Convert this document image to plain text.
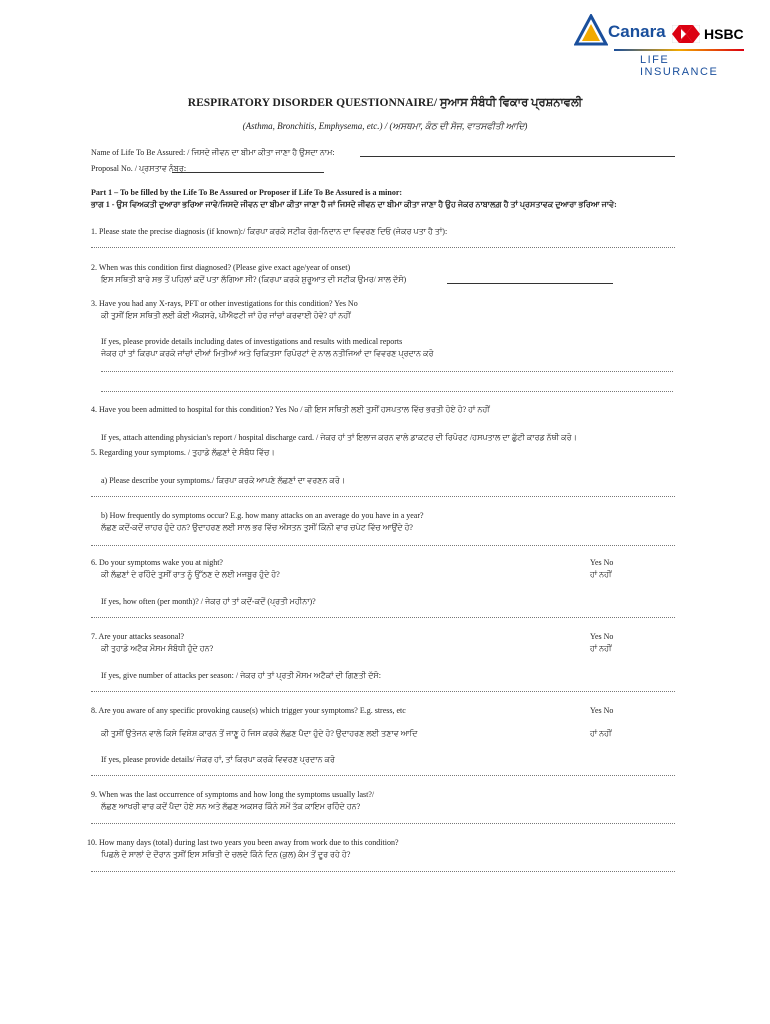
Canara	HSBC
LIFE INSURANCE
RESPIRATORY DISORDER QUESTIONNAIRE/ ਸੁਆਸ ਸੰਬੰਧੀ ਵਿਕਾਰ ਪ੍ਰਸ਼ਨਾਵਲੀ
(Asthma, Bronchitis, Emphysema, etc.) / (ਅਸਥਮਾ, ਕੰਠ ਦੀ ਸੋਜ, ਵਾਤਸਫੀਤੀ ਆਦਿ)
Name of Life To Be Assured: / ਜਿਸਦੇ ਜੀਵਨ ਦਾ ਬੀਮਾ ਕੀਤਾ ਜਾਣਾ ਹੈ ਉਸਦਾ ਨਾਮ:
Proposal No. / ਪ੍ਰਸਤਾਵ ਨੰਬਰ:
Part 1 – To be filled by the Life To Be Assured or Proposer if Life To Be Assured is a minor:
ਭਾਗ 1 - ਉਸ ਵਿਅਕਤੀ ਦੁਆਰਾ ਭਰਿਆ ਜਾਵੇ/ਜਿਸਦੇ ਜੀਵਨ ਦਾ ਬੀਮਾ ਕੀਤਾ ਜਾਣਾ ਹੈ ਜਾਂ ਜਿਸਦੇ ਜੀਵਨ ਦਾ ਬੀਮਾ ਕੀਤਾ ਜਾਣਾ ਹੈ ਉਹ ਜੇਕਰ ਨਾਬਾਲਗ਼ ਹੈ ਤਾਂ ਪ੍ਰਸਤਾਵਕ ਦੁਆਰਾ ਭਰਿਆ ਜਾਵੇ:
1. Please state the precise diagnosis (if known):/ ਕਿਰਪਾ ਕਰਕੇ ਸਟੀਕ ਰੋਗ-ਨਿਦਾਨ ਦਾ ਵਿਵਰਣ ਦਿਓ (ਜੇਕਰ ਪਤਾ ਹੈ ਤਾਂ):
2. When was this condition first diagnosed? (Please give exact age/year of onset)
ਇਸ ਸਥਿਤੀ ਬਾਰੇ ਸਭ ਤੋਂ ਪਹਿਲਾਂ ਕਦੋਂ ਪਤਾ ਲੱਗਿਆ ਸੀ? (ਕਿਰਪਾ ਕਰਕੇ ਸ਼ੁਰੂਆਤ ਦੀ ਸਟੀਕ ਉਮਰ/ ਸਾਲ ਦੱਸੋ)
3. Have you had any X-rays, PFT or other investigations for this condition? Yes No
ਕੀ ਤੁਸੀਂ ਇਸ ਸਥਿਤੀ ਲਈ ਕੋਈ ਐਕਸਰੇ, ਪੀਐਫਟੀ ਜਾਂ ਹੋਰ ਜਾਂਚਾਂ ਕਰਵਾਈ ਹੋਵੇ? ਹਾਂ ਨਹੀਂ
If yes, please provide details including dates of investigations and results with medical reports
ਜੇਕਰ ਹਾਂ ਤਾਂ ਕਿਰਪਾ ਕਰਕੇ ਜਾਂਚਾਂ ਦੀਆਂ ਮਿਤੀਆਂ ਅਤੇ ਚਿਕਿਤਸਾ ਰਿਪੋਰਟਾਂ ਦੇ ਨਾਲ ਨਤੀਜਿਆਂ ਦਾ ਵਿਵਰਣ ਪ੍ਰਦਾਨ ਕਰੋ
4. Have you been admitted to hospital for this condition? Yes No / ਕੀ ਇਸ ਸਥਿਤੀ ਲਈ ਤੁਸੀਂ ਹਸਪਤਾਲ ਵਿੱਚ ਭਰਤੀ ਹੋਏ ਹੋ? ਹਾਂ ਨਹੀਂ
If yes, attach attending physician's report / hospital discharge card. / ਜੇਕਰ ਹਾਂ ਤਾਂ ਇਲਾਜ ਕਰਨ ਵਾਲੇ ਡਾਕਟਰ ਦੀ ਰਿਪੋਰਟ /ਹਸਪਤਾਲ ਦਾ ਛੁੱਟੀ ਕਾਰਡ ਨੱਥੀ ਕਰੋ।
5. Regarding your symptoms. / ਤੁਹਾਡੇ ਲੱਛਣਾਂ ਦੇ ਸੰਬੰਧ ਵਿੱਚ।
a) Please describe your symptoms./ ਕਿਰਪਾ ਕਰਕੇ ਆਪਣੇ ਲੱਛਣਾਂ ਦਾ ਵਰਣਨ ਕਰੋ।
b) How frequently do symptoms occur? E.g. how many attacks on an average do you have in a year?
ਲੱਛਣ ਕਦੋਂ-ਕਦੋਂ ਜ਼ਾਹਰ ਹੁੰਦੇ ਹਨ? ਉਦਾਹਰਣ ਲਈ ਸਾਲ ਭਰ ਵਿੱਚ ਔਸਤਨ ਤੁਸੀਂ ਕਿੰਨੀ ਵਾਰ ਚਪੇਟ ਵਿੱਚ ਆਉਂਦੇ ਹੋ?
6. Do your symptoms wake you at night?
ਕੀ ਲੱਛਣਾਂ ਦੇ ਰਹਿੰਦੇ ਤੁਸੀਂ ਰਾਤ ਨੂੰ ਉੱਠਣ ਦੇ ਲਈ ਮਜਬੂਰ ਹੁੰਦੇ ਹੋ?
Yes No
ਹਾਂ ਨਹੀਂ
If yes, how often (per month)? / ਜੇਕਰ ਹਾਂ ਤਾਂ ਕਦੋਂ-ਕਦੋਂ (ਪ੍ਰਤੀ ਮਹੀਨਾ)?
7. Are your attacks seasonal?
ਕੀ ਤੁਹਾਡੇ ਅਟੈਕ ਮੌਸਮ ਸੰਬੰਧੀ ਹੁੰਦੇ ਹਨ?
Yes No
ਹਾਂ ਨਹੀਂ
If yes, give number of attacks per season: / ਜੇਕਰ ਹਾਂ ਤਾਂ ਪ੍ਰਤੀ ਮੌਸਮ ਅਟੈਕਾਂ ਦੀ ਗਿਣਤੀ ਦੱਸੋ:
8. Are you aware of any specific provoking cause(s) which trigger your symptoms? E.g. stress, etc	Yes No
ਕੀ ਤੁਸੀਂ ਉਤੇਜਨ ਵਾਲੇ ਕਿਸੇ ਵਿਸ਼ੇਸ਼ ਕਾਰਨ ਤੋਂ ਜਾਣੂ ਹੋ ਜਿਸ ਕਰਕੇ ਲੱਛਣ ਪੈਦਾ ਹੁੰਦੇ ਹੋ? ਉਦਾਹਰਣ ਲਈ ਤਣਾਵ ਆਦਿ	ਹਾਂ ਨਹੀਂ
If yes, please provide details/ ਜੇਕਰ ਹਾਂ, ਤਾਂ ਕਿਰਪਾ ਕਰਕੇ ਵਿਵਰਣ ਪ੍ਰਦਾਨ ਕਰੋ
9. When was the last occurrence of symptoms and how long the symptoms usually last?/
ਲੱਛਣ ਆਖਰੀ ਵਾਰ ਕਦੋਂ ਪੈਦਾ ਹੋਏ ਸਨ ਅਤੇ ਲੱਛਣ ਅਕਸਰ ਕਿੰਨੇ ਸਮੇਂ ਤੱਕ ਕਾਇਮ ਰਹਿੰਦੇ ਹਨ?
10. How many days (total) during last two years you been away from work due to this condition?
ਪਿਛਲੇ ਦੋ ਸਾਲਾਂ ਦੇ ਦੌਰਾਨ ਤੁਸੀਂ ਇਸ ਸਥਿਤੀ ਦੇ ਚਲਦੇ ਕਿੰਨੇ ਦਿਨ (ਕੁਲ) ਕੰਮ ਤੋਂ ਦੂਰ ਰਹੇ ਹੋ?
